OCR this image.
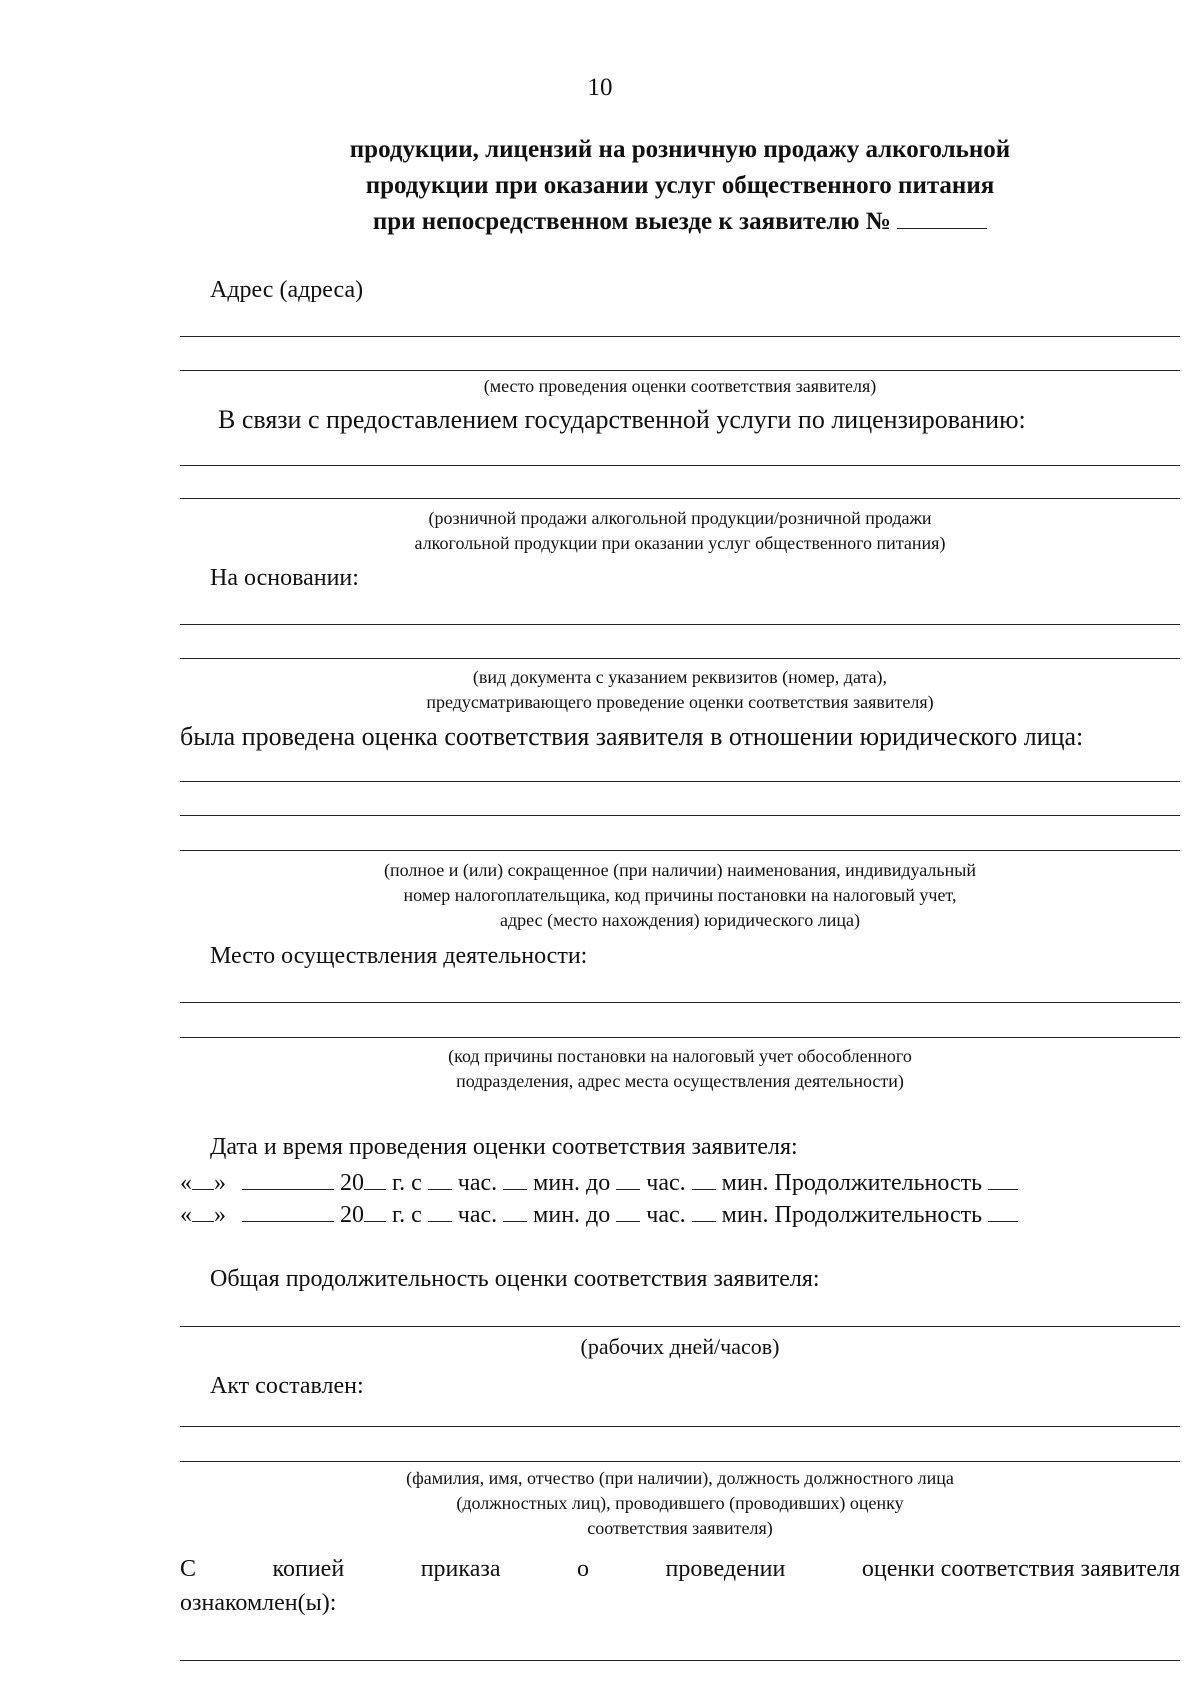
10
продукции, лицензий на розничную продажу алкогольной
продукции при оказании услуг общественного питания
при непосредственном выезде к заявителю №
Адрес (адреса)
(место проведения оценки соответствия заявителя)
В связи с предоставлением государственной услуги по лицензированию:
(розничной продажи алкогольной продукции/розничной продажи
алкогольной продукции при оказании услуг общественного питания)
На основании:
(вид документа с указанием реквизитов (номер, дата),
предусматривающего проведение оценки соответствия заявителя)
была проведена оценка соответствия заявителя в отношении юридического лица:
(полное и (или) сокращенное (при наличии) наименования, индивидуальный
номер налогоплательщика, код причины постановки на налоговый учет,
адрес (место нахождения) юридического лица)
Место осуществления деятельности:
(код причины постановки на налоговый учет обособленного
подразделения, адрес места осуществления деятельности)
Дата и время проведения оценки соответствия заявителя:
« »	20 г. с час. мин. до час. мин. Продолжительность
« »	20 г. с час. мин. до час. мин. Продолжительность
Общая продолжительность оценки соответствия заявителя:
(рабочих дней/часов)
Акт составлен:
(фамилия, имя, отчество (при наличии), должность должностного лица
(должностных лиц), проводившего (проводивших) оценку
соответствия заявителя)
С	копией	приказа	о	проведении	оценки соответствия заявителя
ознакомлен(ы):
